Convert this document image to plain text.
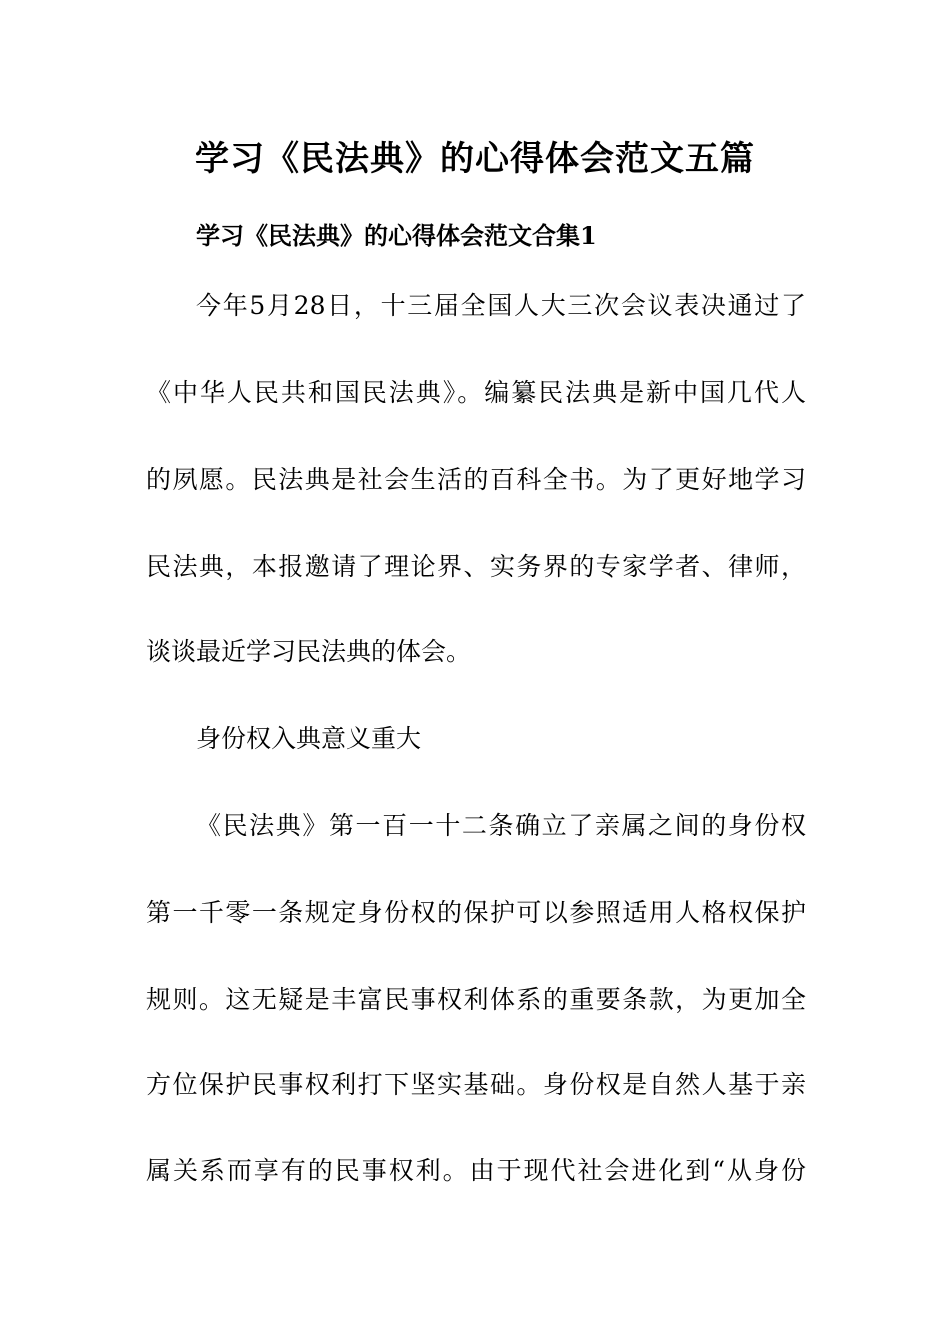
学习《民法典》的心得体会范文五篇
学习《民法典》的心得体会范文合集1

今年5月28日，十三届全国人大三次会议表决通过了

《中华人民共和国民法典》。编纂民法典是新中国几代人

的夙愿。民法典是社会生活的百科全书。为了更好地学习

民法典，本报邀请了理论界、实务界的专家学者、律师，

谈谈最近学习民法典的体会。

身份权入典意义重大

《民法典》第一百一十二条确立了亲属之间的身份权

第一千零一条规定身份权的保护可以参照适用人格权保护

规则。这无疑是丰富民事权利体系的重要条款，为更加全

方位保护民事权利打下坚实基础。身份权是自然人基于亲

属关系而享有的民事权利。由于现代社会进化到“从身份
